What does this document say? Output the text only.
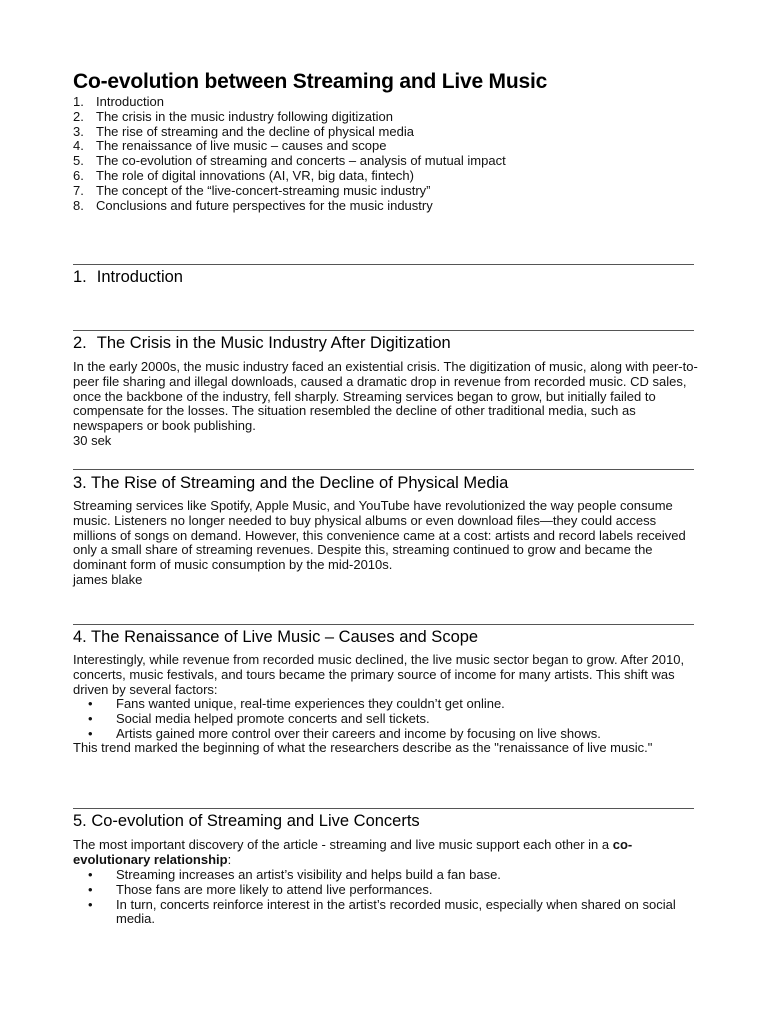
Co-evolution between Streaming and Live Music
1. Introduction
2. The crisis in the music industry following digitization
3. The rise of streaming and the decline of physical media
4. The renaissance of live music – causes and scope
5. The co-evolution of streaming and concerts – analysis of mutual impact
6. The role of digital innovations (AI, VR, big data, fintech)
7. The concept of the “live-concert-streaming music industry”
8. Conclusions and future perspectives for the music industry
1. Introduction
2. The Crisis in the Music Industry After Digitization

In the early 2000s, the music industry faced an existential crisis. The digitization of music, along with peer-to-peer file sharing and illegal downloads, caused a dramatic drop in revenue from recorded music. CD sales, once the backbone of the industry, fell sharply. Streaming services began to grow, but initially failed to compensate for the losses. The situation resembled the decline of other traditional media, such as newspapers or book publishing.

30 sek

3. The Rise of Streaming and the Decline of Physical Media

Streaming services like Spotify, Apple Music, and YouTube have revolutionized the way people consume music. Listeners no longer needed to buy physical albums or even download files—they could access millions of songs on demand. However, this convenience came at a cost: artists and record labels received only a small share of streaming revenues. Despite this, streaming continued to grow and became the dominant form of music consumption by the mid-2010s.

james blake

4. The Renaissance of Live Music – Causes and Scope

Interestingly, while revenue from recorded music declined, the live music sector began to grow. After 2010, concerts, music festivals, and tours became the primary source of income for many artists. This shift was driven by several factors:

• Fans wanted unique, real-time experiences they couldn’t get online.
• Social media helped promote concerts and sell tickets.
• Artists gained more control over their careers and income by focusing on live shows.

This trend marked the beginning of what the researchers describe as the "renaissance of live music."

5. Co-evolution of Streaming and Live Concerts

The most important discovery of the article - streaming and live music support each other in a co-evolutionary relationship:

• Streaming increases an artist’s visibility and helps build a fan base.
• Those fans are more likely to attend live performances.
• In turn, concerts reinforce interest in the artist’s recorded music, especially when shared on social media.
